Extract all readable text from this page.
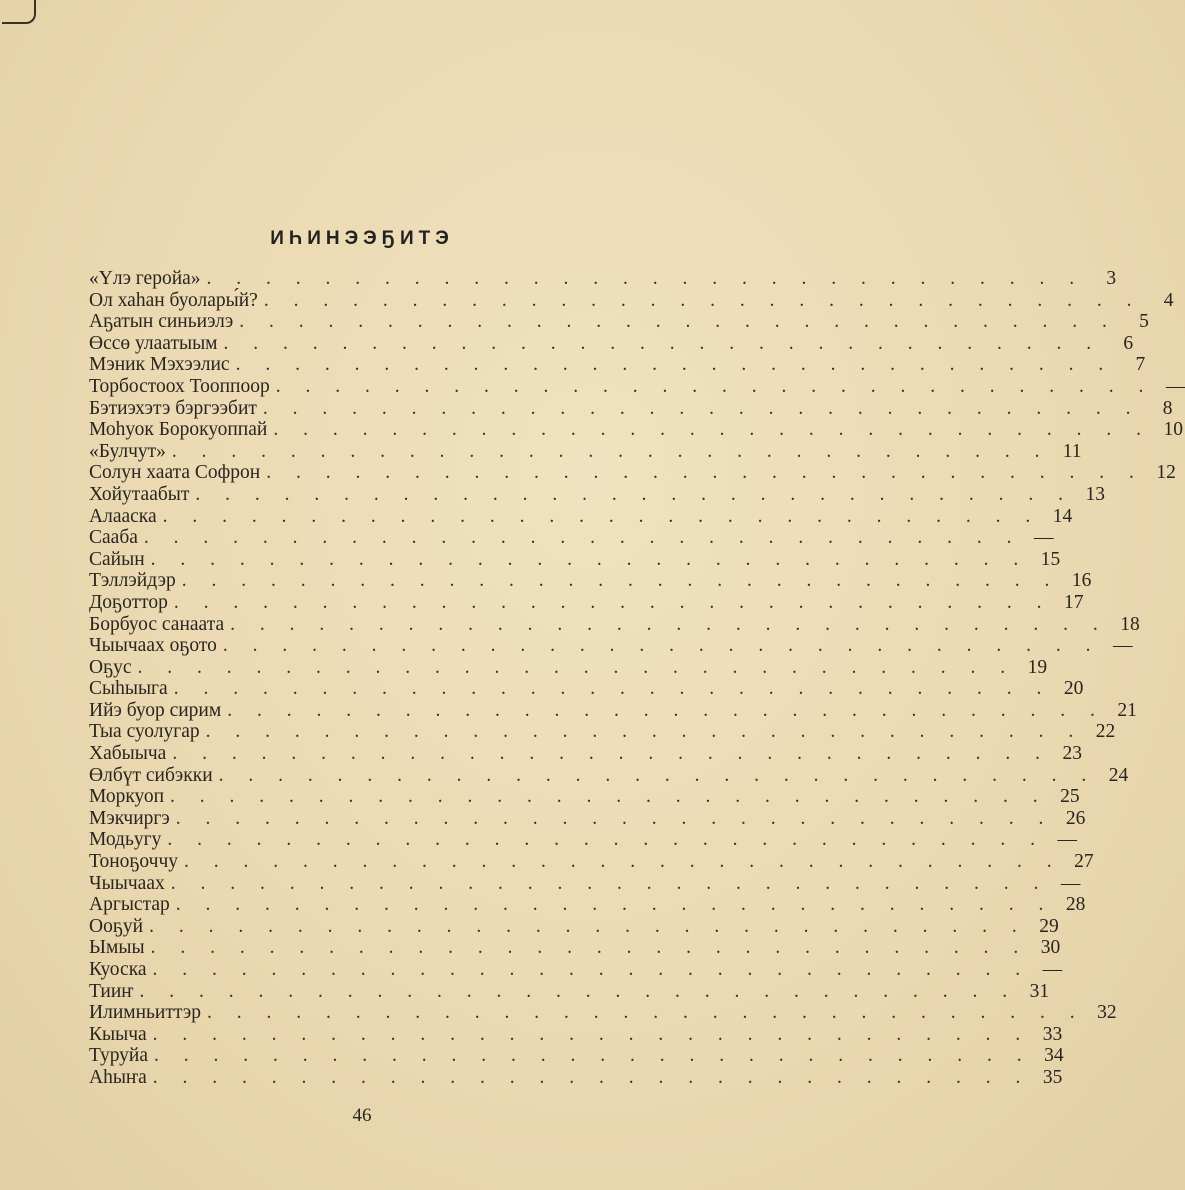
ИҺИНЭЭҔИТЭ
«Үлэ геройа» . . . . . . . . . . . . . . . . . . . . . . . . . . . . . .	3
Ол хаһан буолары́й? . . . . . . . . . . . . . . . . . . . . . . . . . . . . . .	4
Аҕатын синьиэлэ . . . . . . . . . . . . . . . . . . . . . . . . . . . . . .	5
Өссө улаатыым . . . . . . . . . . . . . . . . . . . . . . . . . . . . . .	6
Мэник Мэхээлис . . . . . . . . . . . . . . . . . . . . . . . . . . . . . .	7
Торбостоох Тооппоор . . . . . . . . . . . . . . . . . . . . . . . . . . . . . . —
Бэтиэхэтэ бэргээбит . . . . . . . . . . . . . . . . . . . . . . . . . . . . . .	8
Моһуок Борокуоппай . . . . . . . . . . . . . . . . . . . . . . . . . . . . . . 10
«Булчут» . . . . . . . . . . . . . . . . . . . . . . . . . . . . . . 11
Солун хаата Софрон . . . . . . . . . . . . . . . . . . . . . . . . . . . . . . 12
Хойутаабыт . . . . . . . . . . . . . . . . . . . . . . . . . . . . . . 13
Алааска . . . . . . . . . . . . . . . . . . . . . . . . . . . . . . 14
Сааба . . . . . . . . . . . . . . . . . . . . . . . . . . . . . . —
Сайын . . . . . . . . . . . . . . . . . . . . . . . . . . . . . . 15
Тэллэйдэр . . . . . . . . . . . . . . . . . . . . . . . . . . . . . . 16
Доҕоттор . . . . . . . . . . . . . . . . . . . . . . . . . . . . . . 17
Борбуос санаата . . . . . . . . . . . . . . . . . . . . . . . . . . . . . . 18
Чыычаах оҕото . . . . . . . . . . . . . . . . . . . . . . . . . . . . . . —
Оҕус . . . . . . . . . . . . . . . . . . . . . . . . . . . . . . 19
Сыһыыга . . . . . . . . . . . . . . . . . . . . . . . . . . . . . . 20
Ийэ буор сирим . . . . . . . . . . . . . . . . . . . . . . . . . . . . . . 21
Тыа суолугар . . . . . . . . . . . . . . . . . . . . . . . . . . . . . . 22
Хабыыча . . . . . . . . . . . . . . . . . . . . . . . . . . . . . . 23
Өлбүт сибэкки . . . . . . . . . . . . . . . . . . . . . . . . . . . . . . 24
Моркуоп . . . . . . . . . . . . . . . . . . . . . . . . . . . . . . 25
Мэкчиргэ . . . . . . . . . . . . . . . . . . . . . . . . . . . . . . 26
Модьугу . . . . . . . . . . . . . . . . . . . . . . . . . . . . . . —
Тоноҕоччу . . . . . . . . . . . . . . . . . . . . . . . . . . . . . . 27
Чыычаах . . . . . . . . . . . . . . . . . . . . . . . . . . . . . . —
Аргыстар . . . . . . . . . . . . . . . . . . . . . . . . . . . . . . 28
Ооҕуй . . . . . . . . . . . . . . . . . . . . . . . . . . . . . . 29
Ымыы . . . . . . . . . . . . . . . . . . . . . . . . . . . . . . 30
Куоска . . . . . . . . . . . . . . . . . . . . . . . . . . . . . . —
Тииҥ . . . . . . . . . . . . . . . . . . . . . . . . . . . . . . 31
Илимньиттэр . . . . . . . . . . . . . . . . . . . . . . . . . . . . . . 32
Кыыча . . . . . . . . . . . . . . . . . . . . . . . . . . . . . . 33
Туруйа . . . . . . . . . . . . . . . . . . . . . . . . . . . . . . 34
Аһыҥа . . . . . . . . . . . . . . . . . . . . . . . . . . . . . . 35
46
